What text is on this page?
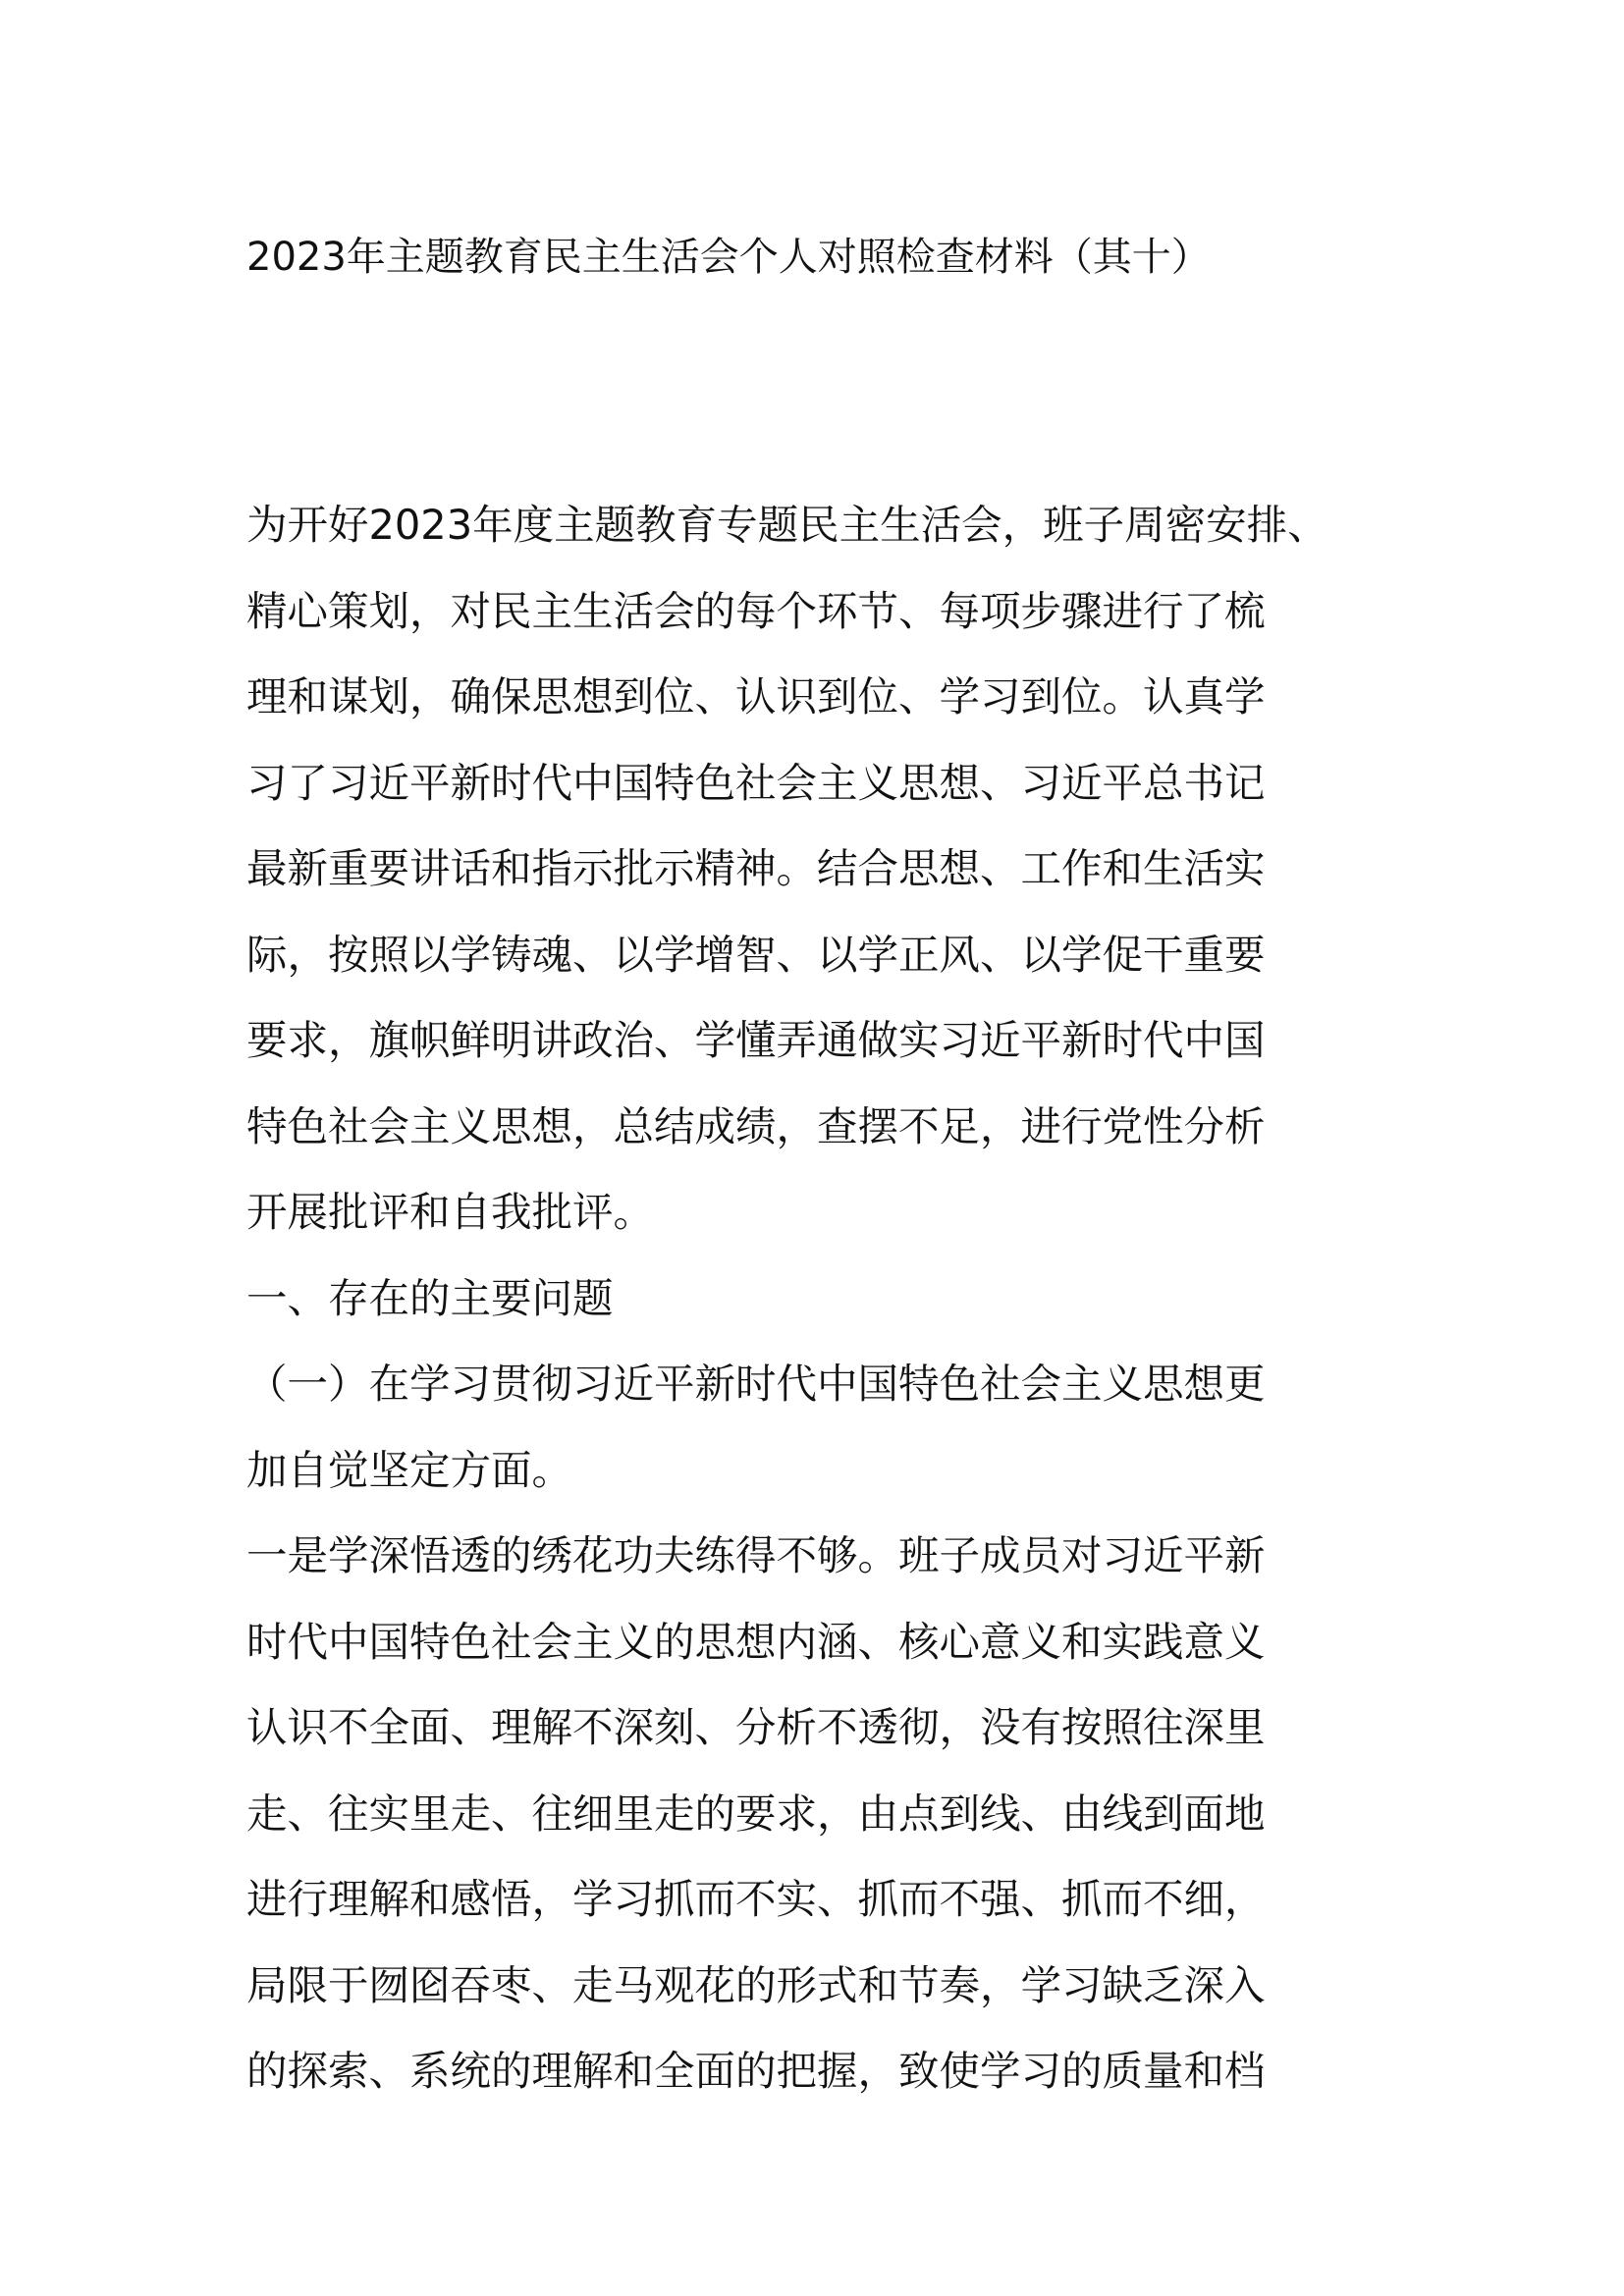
2023年主题教育民主生活会个人对照检查材料（其十）

为开好2023年度主题教育专题民主生活会，班子周密安排、

精心策划，对民主生活会的每个环节、每项步骤进行了梳

理和谋划，确保思想到位、认识到位、学习到位。认真学

习了习近平新时代中国特色社会主义思想、习近平总书记

最新重要讲话和指示批示精神。结合思想、工作和生活实

际，按照以学铸魂、以学增智、以学正风、以学促干重要

要求，旗帜鲜明讲政治、学懂弄通做实习近平新时代中国

特色社会主义思想，总结成绩，查摆不足，进行党性分析

开展批评和自我批评。

一、存在的主要问题

（一）在学习贯彻习近平新时代中国特色社会主义思想更

加自觉坚定方面。

一是学深悟透的绣花功夫练得不够。班子成员对习近平新

时代中国特色社会主义的思想内涵、核心意义和实践意义

认识不全面、理解不深刻、分析不透彻，没有按照往深里

走、往实里走、往细里走的要求，由点到线、由线到面地

进行理解和感悟，学习抓而不实、抓而不强、抓而不细，

局限于囫囵吞枣、走马观花的形式和节奏，学习缺乏深入

的探索、系统的理解和全面的把握，致使学习的质量和档
